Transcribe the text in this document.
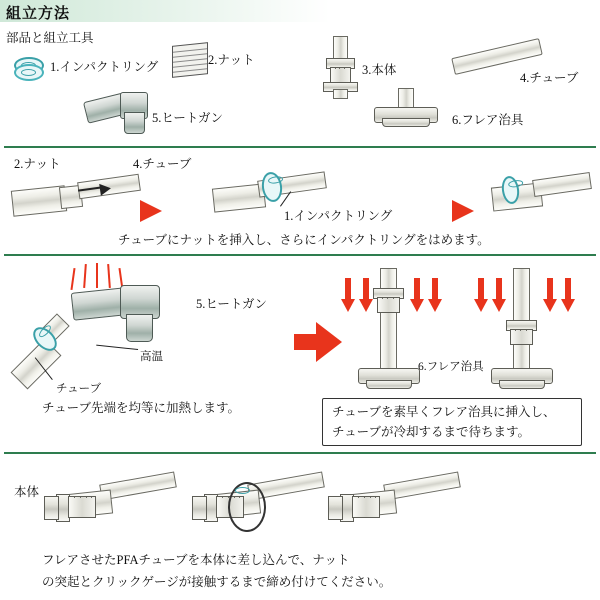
組立方法
部品と組立工具
1.インパクトリング	2.ナット
3.本体
4.チューブ
5.ヒートガン	6.フレア治具
2.ナット	4.チューブ
1.インパクトリング
チューブにナットを挿入し、さらにインパクトリングをはめます。
5.ヒートガン
高温
チューブ
チューブ先端を均等に加熱します。
6.フレア治具
チューブを素早くフレア治具に挿入し、
チューブが冷却するまで待ちます。
本体
フレアさせたPFAチューブを本体に差し込んで、ナット
の突起とクリックゲージが接触するまで締め付けてください。
